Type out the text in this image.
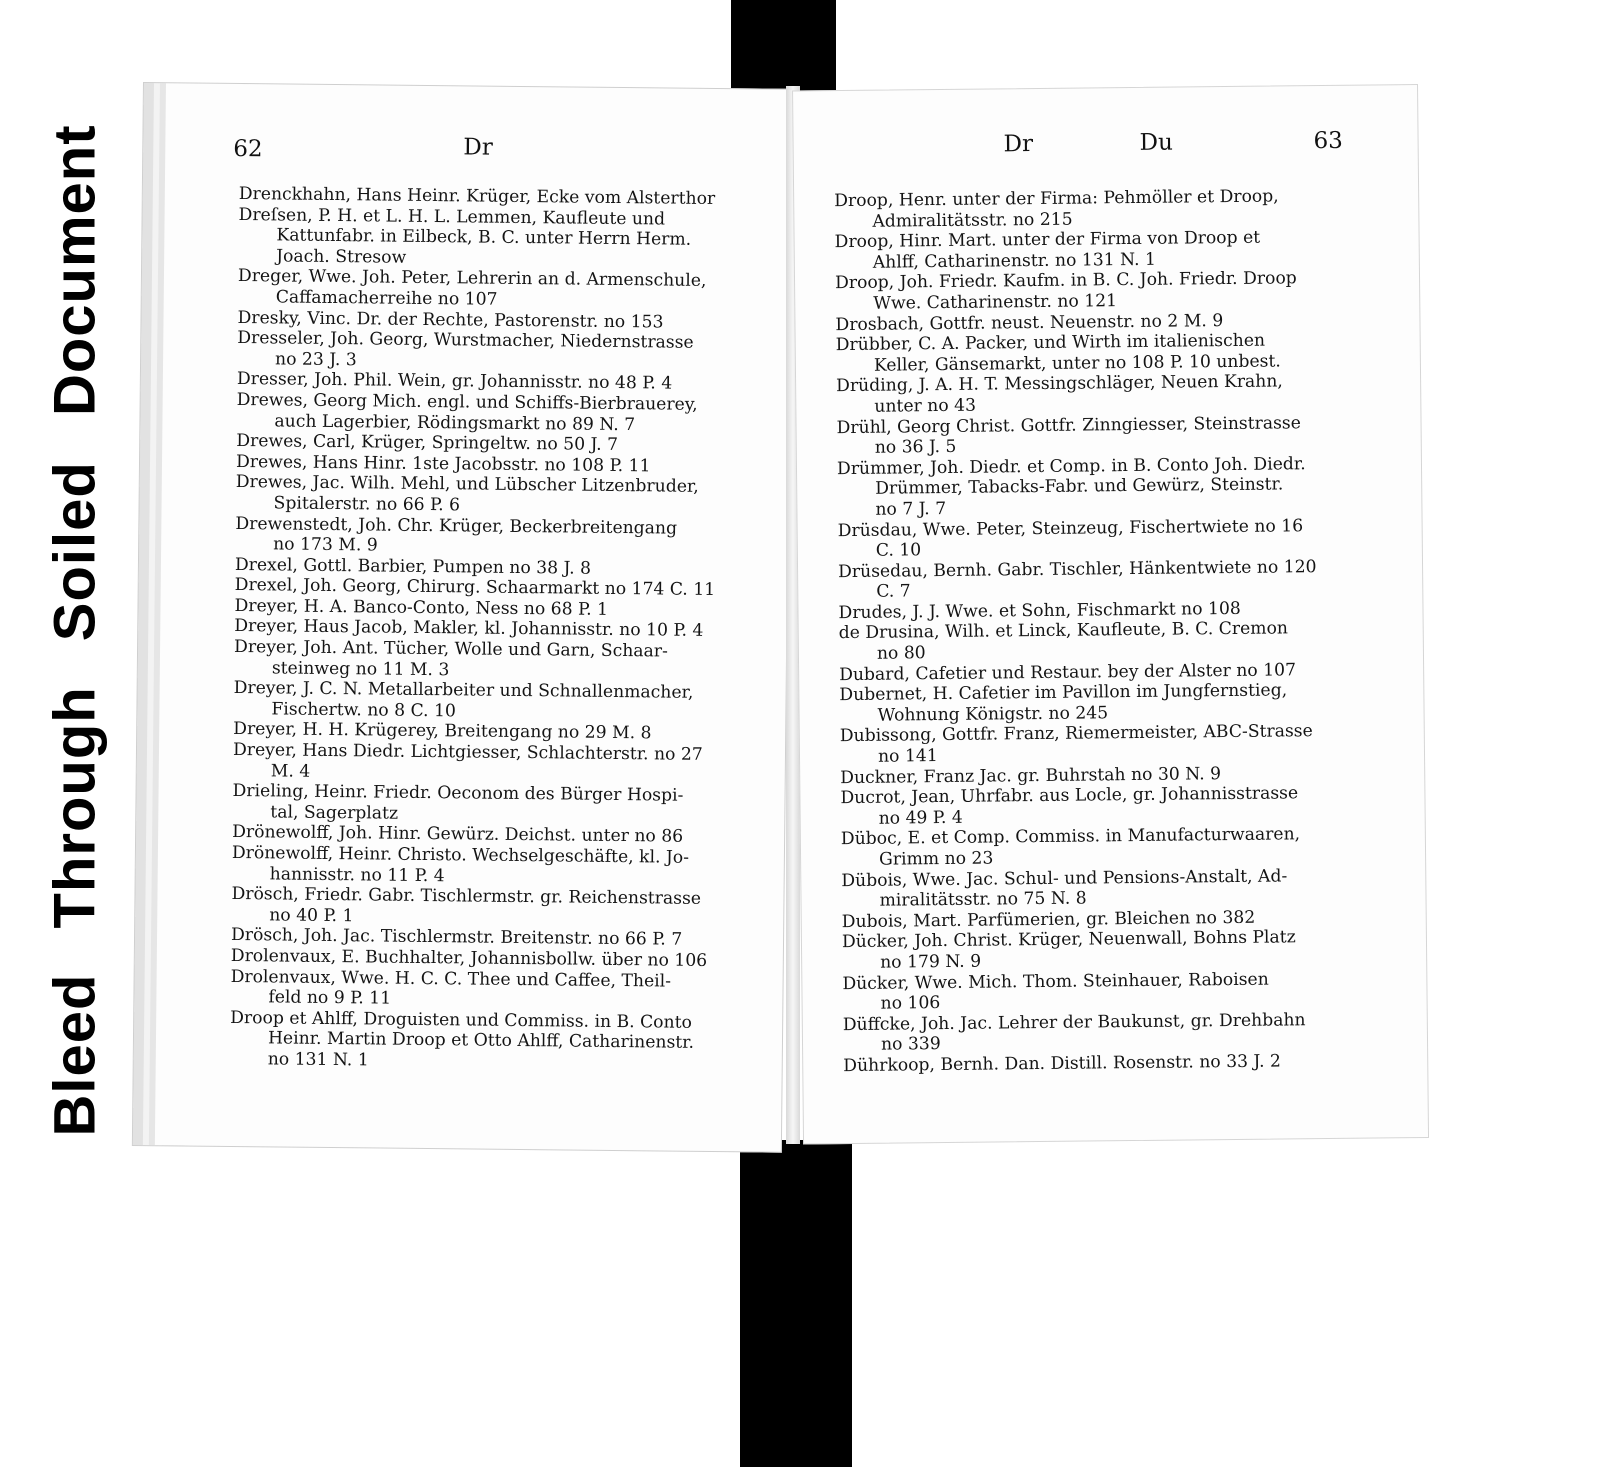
Bleed Through Soiled Document	62	Dr
Drenckhahn, Hans Heinr. Krüger, Ecke vom Alsterthor
Dreſsen, P. H. et L. H. L. Lemmen, Kaufleute und
Kattunfabr. in Eilbeck, B. C. unter Herrn Herm.
Joach. Stresow
Dreger, Wwe. Joh. Peter, Lehrerin an d. Armenschule,
Caffamacherreihe no 107
Dresky, Vinc. Dr. der Rechte, Pastorenstr. no 153
Dresseler, Joh. Georg, Wurstmacher, Niedernstrasse
no 23 J. 3
Dresser, Joh. Phil. Wein, gr. Johannisstr. no 48 P. 4
Drewes, Georg Mich. engl. und Schiffs-Bierbrauerey,
auch Lagerbier, Rödingsmarkt no 89 N. 7
Drewes, Carl, Krüger, Springeltw. no 50 J. 7
Drewes, Hans Hinr. 1ste Jacobsstr. no 108 P. 11
Drewes, Jac. Wilh. Mehl, und Lübscher Litzenbruder,
Spitalerstr. no 66 P. 6
Drewenstedt, Joh. Chr. Krüger, Beckerbreitengang
no 173 M. 9
Drexel, Gottl. Barbier, Pumpen no 38 J. 8
Drexel, Joh. Georg, Chirurg. Schaarmarkt no 174 C. 11
Dreyer, H. A. Banco-Conto, Ness no 68 P. 1
Dreyer, Haus Jacob, Makler, kl. Johannisstr. no 10 P. 4
Dreyer, Joh. Ant. Tücher, Wolle und Garn, Schaar-
steinweg no 11 M. 3
Dreyer, J. C. N. Metallarbeiter und Schnallenmacher,
Fischertw. no 8 C. 10
Dreyer, H. H. Krügerey, Breitengang no 29 M. 8
Dreyer, Hans Diedr. Lichtgiesser, Schlachterstr. no 27
M. 4
Drieling, Heinr. Friedr. Oeconom des Bürger Hospi-
tal, Sagerplatz
Drönewolff, Joh. Hinr. Gewürz. Deichst. unter no 86
Drönewolff, Heinr. Christo. Wechselgeschäfte, kl. Jo-
hannisstr. no 11 P. 4
Drösch, Friedr. Gabr. Tischlermstr. gr. Reichenstrasse
no 40 P. 1
Drösch, Joh. Jac. Tischlermstr. Breitenstr. no 66 P. 7
Drolenvaux, E. Buchhalter, Johannisbollw. über no 106
Drolenvaux, Wwe. H. C. C. Thee und Caffee, Theil-
feld no 9 P. 11
Droop et Ahlff, Droguisten und Commiss. in B. Conto
Heinr. Martin Droop et Otto Ahlff, Catharinenstr.
no 131 N. 1
Dr	Du	63
Droop, Henr. unter der Firma: Pehmöller et Droop,
Admiralitätsstr. no 215
Droop, Hinr. Mart. unter der Firma von Droop et
Ahlff, Catharinenstr. no 131 N. 1
Droop, Joh. Friedr. Kaufm. in B. C. Joh. Friedr. Droop
Wwe. Catharinenstr. no 121
Drosbach, Gottfr. neust. Neuenstr. no 2 M. 9
Drübber, C. A. Packer, und Wirth im italienischen
Keller, Gänsemarkt, unter no 108 P. 10 unbest.
Drüding, J. A. H. T. Messingschläger, Neuen Krahn,
unter no 43
Drühl, Georg Christ. Gottfr. Zinngiesser, Steinstrasse
no 36 J. 5
Drümmer, Joh. Diedr. et Comp. in B. Conto Joh. Diedr.
Drümmer, Tabacks-Fabr. und Gewürz, Steinstr.
no 7 J. 7
Drüsdau, Wwe. Peter, Steinzeug, Fischertwiete no 16
C. 10
Drüsedau, Bernh. Gabr. Tischler, Hänkentwiete no 120
C. 7
Drudes, J. J. Wwe. et Sohn, Fischmarkt no 108
de Drusina, Wilh. et Linck, Kaufleute, B. C. Cremon
no 80
Dubard, Cafetier und Restaur. bey der Alster no 107
Dubernet, H. Cafetier im Pavillon im Jungfernstieg,
Wohnung Königstr. no 245
Dubissong, Gottfr. Franz, Riemermeister, ABC-Strasse
no 141
Duckner, Franz Jac. gr. Buhrstah no 30 N. 9
Ducrot, Jean, Uhrfabr. aus Locle, gr. Johannisstrasse
no 49 P. 4
Düboc, E. et Comp. Commiss. in Manufacturwaaren,
Grimm no 23
Dübois, Wwe. Jac. Schul- und Pensions-Anstalt, Ad-
miralitätsstr. no 75 N. 8
Dubois, Mart. Parfümerien, gr. Bleichen no 382
Dücker, Joh. Christ. Krüger, Neuenwall, Bohns Platz
no 179 N. 9
Dücker, Wwe. Mich. Thom. Steinhauer, Raboisen
no 106
Düffcke, Joh. Jac. Lehrer der Baukunst, gr. Drehbahn
no 339
Dührkoop, Bernh. Dan. Distill. Rosenstr. no 33 J. 2
